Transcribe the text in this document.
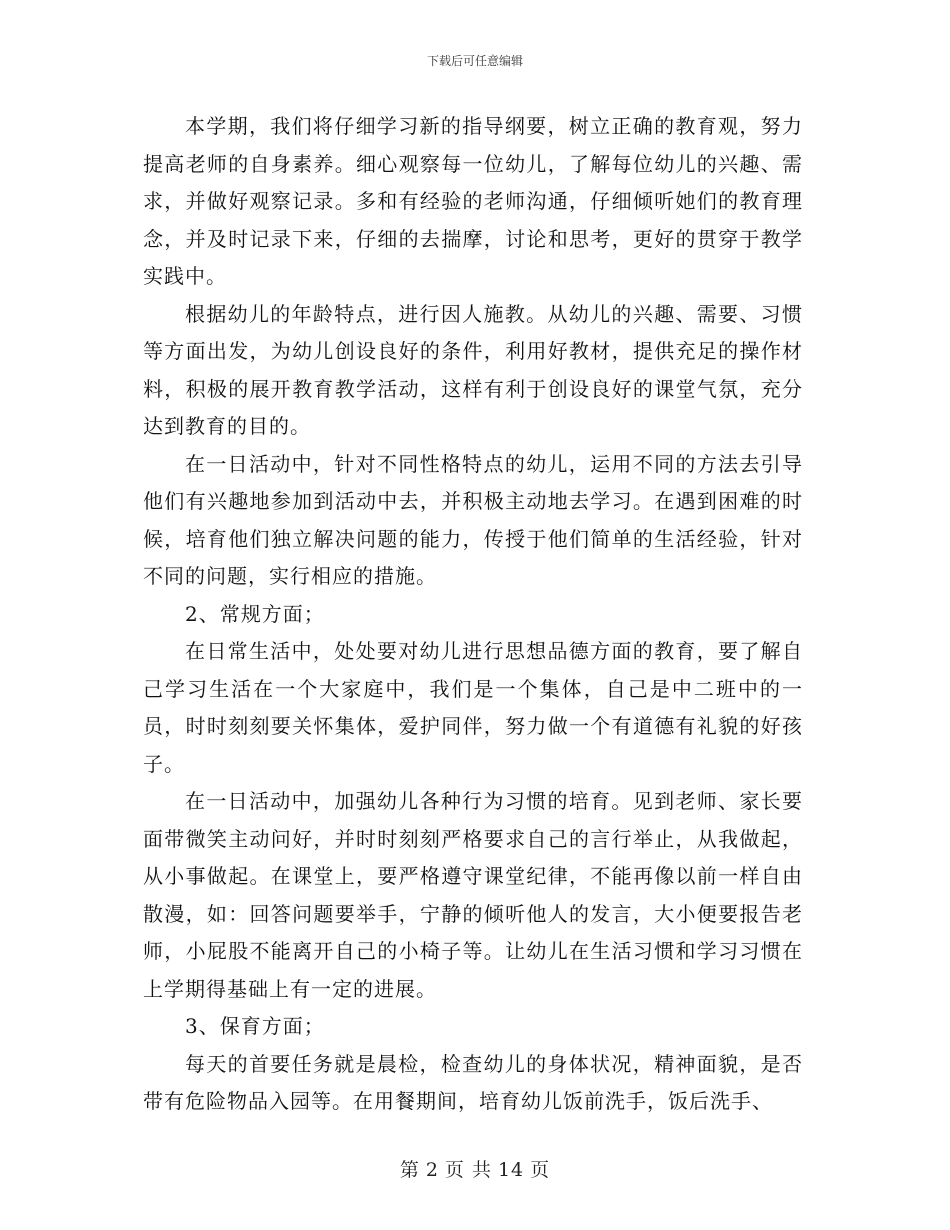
下载后可任意编辑

本学期，我们将仔细学习新的指导纲要，树立正确的教育观，努力提高老师的自身素养。细心观察每一位幼儿，了解每位幼儿的兴趣、需求，并做好观察记录。多和有经验的老师沟通，仔细倾听她们的教育理念，并及时记录下来，仔细的去揣摩，讨论和思考，更好的贯穿于教学实践中。

根据幼儿的年龄特点，进行因人施教。从幼儿的兴趣、需要、习惯等方面出发，为幼儿创设良好的条件，利用好教材，提供充足的操作材料，积极的展开教育教学活动，这样有利于创设良好的课堂气氛，充分达到教育的目的。

在一日活动中，针对不同性格特点的幼儿，运用不同的方法去引导他们有兴趣地参加到活动中去，并积极主动地去学习。在遇到困难的时候，培育他们独立解决问题的能力，传授于他们简单的生活经验，针对不同的问题，实行相应的措施。

2、常规方面；

在日常生活中，处处要对幼儿进行思想品德方面的教育，要了解自己学习生活在一个大家庭中，我们是一个集体，自己是中二班中的一员，时时刻刻要关怀集体，爱护同伴，努力做一个有道德有礼貌的好孩子。

在一日活动中，加强幼儿各种行为习惯的培育。见到老师、家长要面带微笑主动问好，并时时刻刻严格要求自己的言行举止，从我做起，从小事做起。在课堂上，要严格遵守课堂纪律，不能再像以前一样自由散漫，如：回答问题要举手，宁静的倾听他人的发言，大小便要报告老师，小屁股不能离开自己的小椅子等。让幼儿在生活习惯和学习习惯在上学期得基础上有一定的进展。

3、保育方面；

每天的首要任务就是晨检，检查幼儿的身体状况，精神面貌，是否带有危险物品入园等。在用餐期间，培育幼儿饭前洗手，饭后洗手、

第 2 页 共 14 页
